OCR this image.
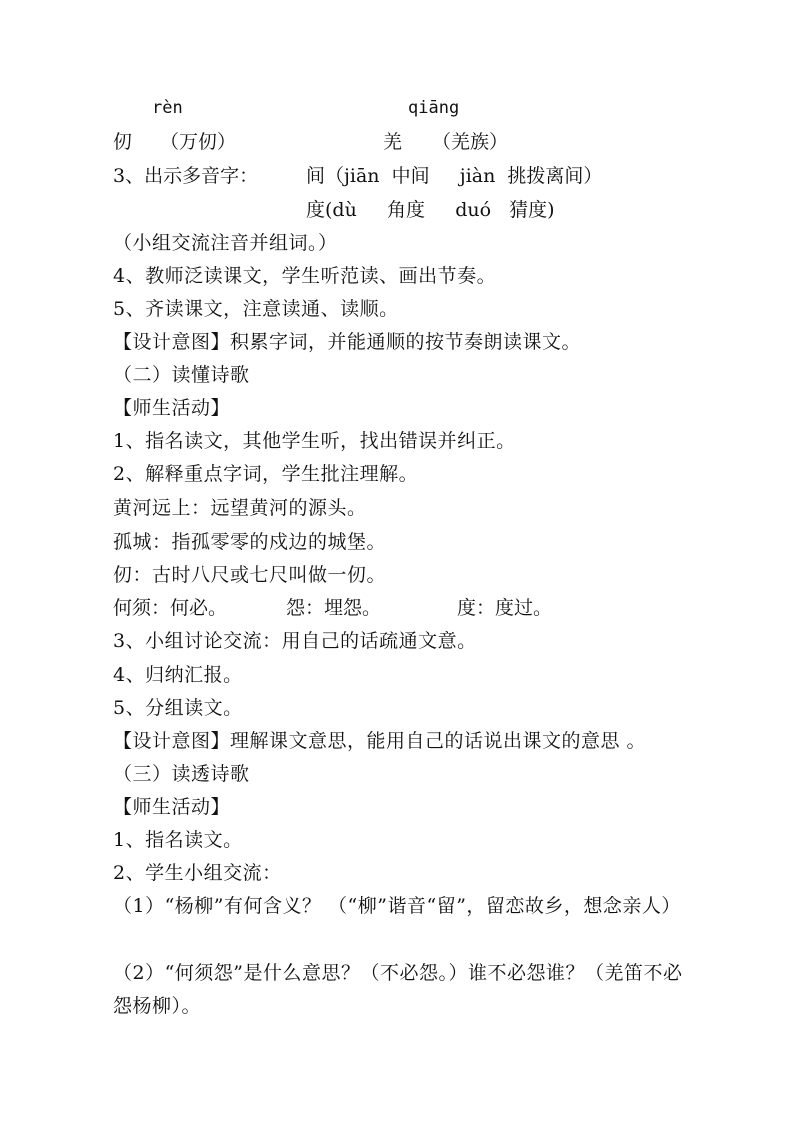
rèn	qiāng
仞 （万仞）	羌 （羌族）
3、出示多音字：	间（jiān  中间     jiàn  挑拨离间）
度(dù     角度     duó   猜度)
（小组交流注音并组词。）
4、教师泛读课文，学生听范读、画出节奏。
5、齐读课文，注意读通、读顺。
【设计意图】积累字词，并能通顺的按节奏朗读课文。
（二）读懂诗歌
【师生活动】
1、指名读文，其他学生听，找出错误并纠正。
2、解释重点字词，学生批注理解。
黄河远上：远望黄河的源头。
孤城：指孤零零的戍边的城堡。
仞：古时八尺或七尺叫做一仞。
何须：何必。	怨：埋怨。	度：度过。
3、小组讨论交流：用自己的话疏通文意。
4、归纳汇报。
5、分组读文。
【设计意图】理解课文意思，能用自己的话说出课文的意思 。
（三）读透诗歌
【师生活动】
1、指名读文。
2、学生小组交流：
（1）“杨柳”有何含义？ （“柳”谐音“留”，留恋故乡，想念亲人）
（2）“何须怨”是什么意思？（不必怨。）谁不必怨谁？（羌笛不必怨杨柳）。
